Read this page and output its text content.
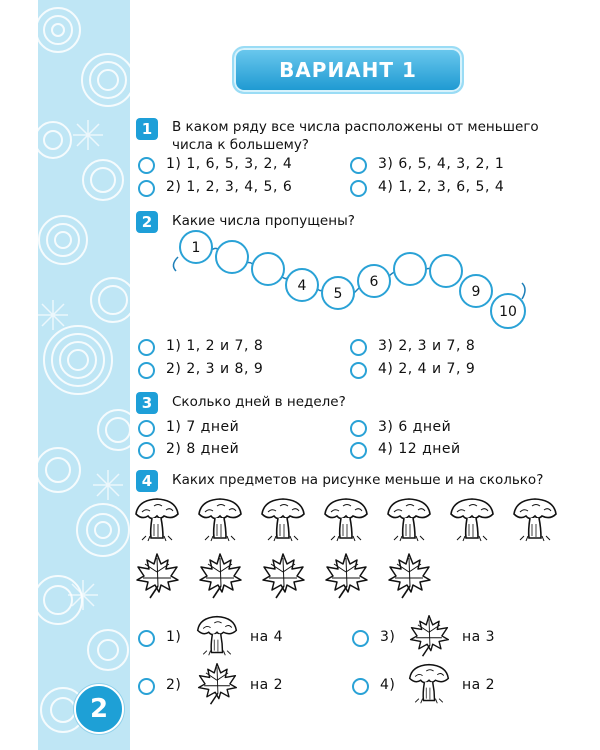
2
ВАРИАНТ 1
1	В каком ряду все числа расположены от меньшего числа к большему?
1) 1, 6, 5, 3, 2, 4
2) 1, 2, 3, 4, 5, 6
3) 6, 5, 4, 3, 2, 1
4) 1, 2, 3, 6, 5, 4
2	Какие числа пропущены?
1
4 5
6
9
10
1) 1, 2 и 7, 8
2) 2, 3 и 8, 9
3) 2, 3 и 7, 8
4) 2, 4 и 7, 9
3	Сколько дней в неделе?
1) 7 дней
2) 8 дней
3) 6 дней
4) 12 дней
4	Каких предметов на рисунке меньше и на сколько?
1)	на 4
2)	на 2
3)	на 3
4)	на 2
